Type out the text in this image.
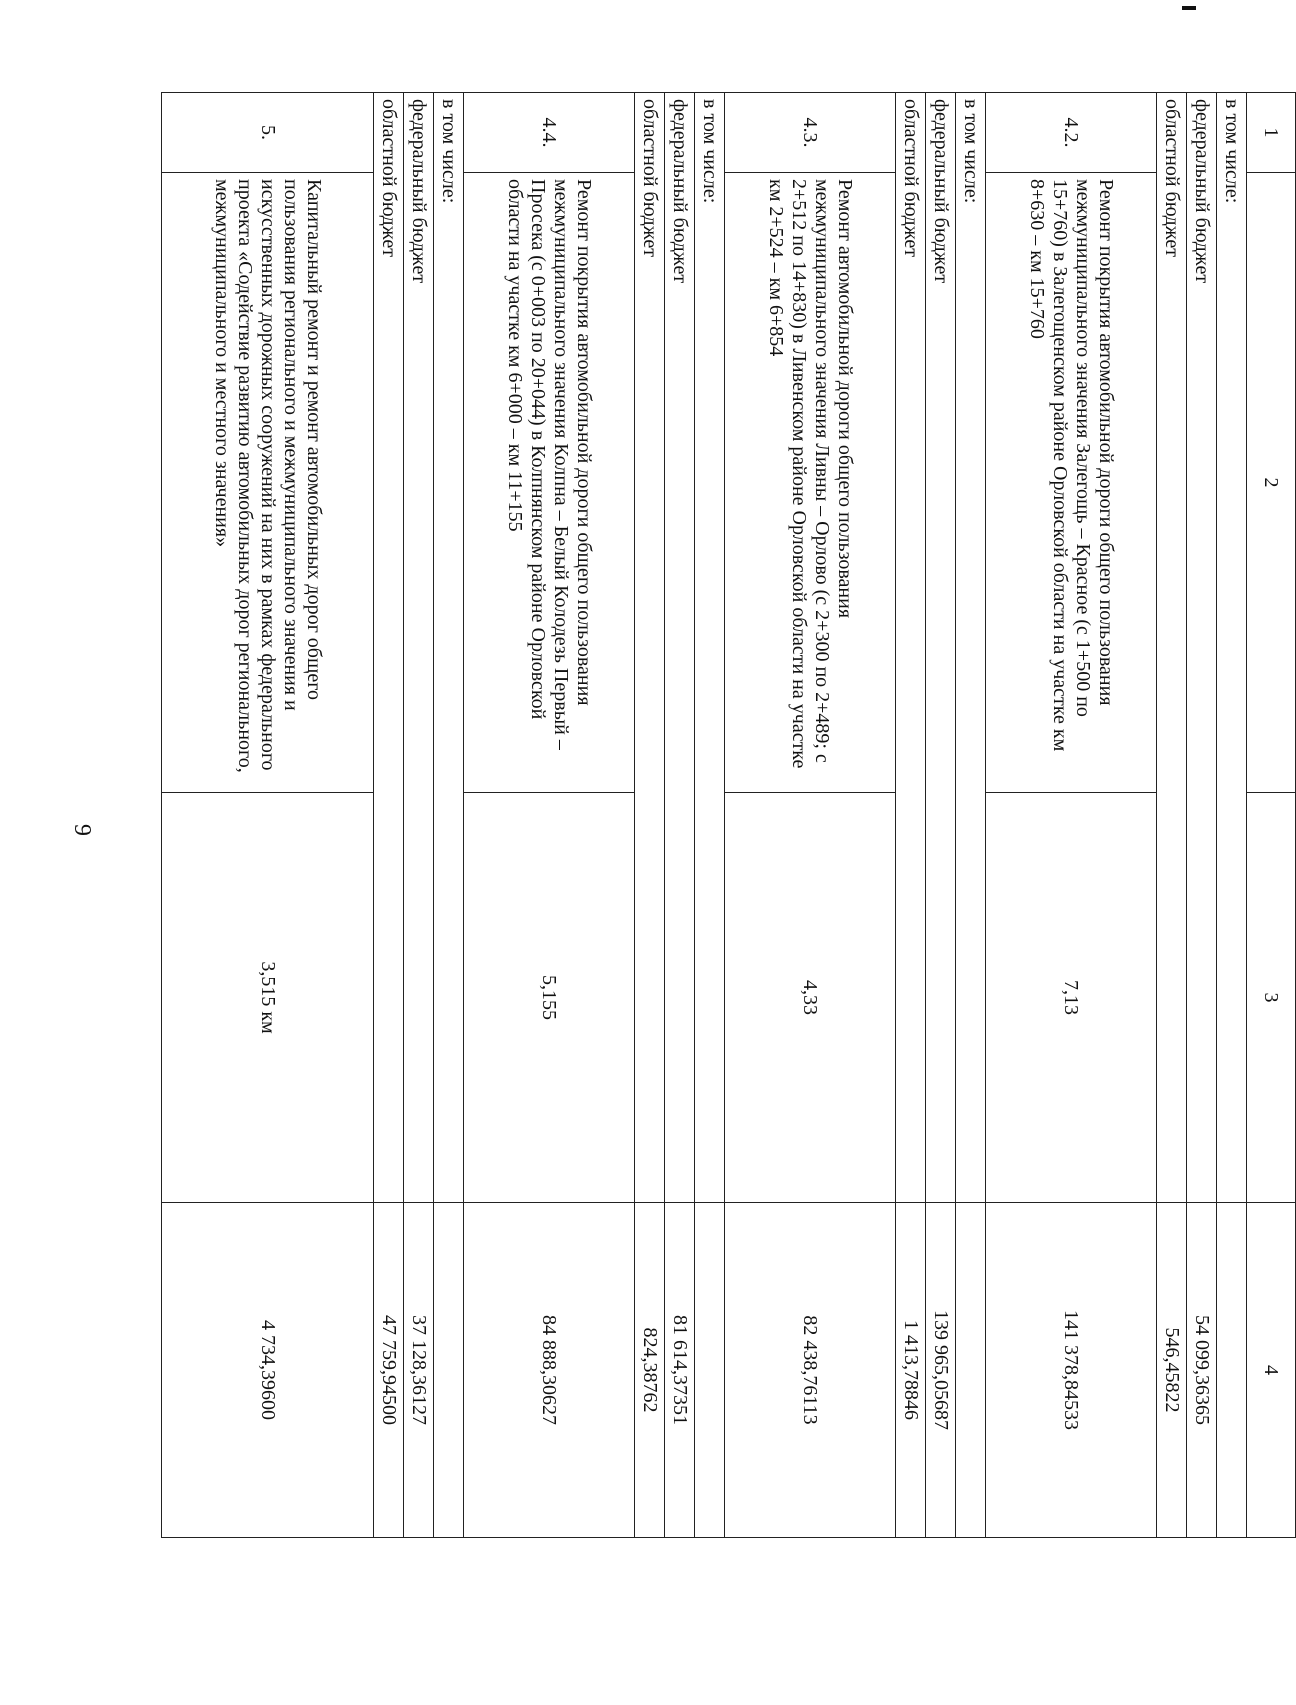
9
1	2	3	4
в том числе:			
федеральный бюджет			54 099,36365
областной бюджет			546,45822
4.2.	Ремонт покрытия автомобильной дороги общего пользования межмуниципального значения Залегощь – Красное (с 1+500 по 15+760) в Залегощенском районе Орловской области на участке км 8+630 – км 15+760	7,13	141 378,84533
в том числе:			
федеральный бюджет			139 965,05687
областной бюджет			1 413,78846
4.3.	Ремонт автомобильной дороги общего пользования межмуниципального значения Ливны – Орлово (с 2+300 по 2+489; с 2+512 по 14+830) в Ливенском районе Орловской области на участке км 2+524 – км 6+854	4,33	82 438,76113
в том числе:			
федеральный бюджет			81 614,37351
областной бюджет			824,38762
4.4.	Ремонт покрытия автомобильной дороги общего пользования межмуниципального значения Колпна – Белый Колодезь Первый – Просека (с 0+003 по 20+044) в Колпнянском районе Орловской области на участке км 6+000 – км 11+155	5,155	84 888,30627
в том числе:			
федеральный бюджет			37 128,36127
областной бюджет			47 759,94500
5.	Капитальный ремонт и ремонт автомобильных дорог общего пользования регионального и межмуниципального значения и искусственных дорожных сооружений на них в рамках федерального проекта «Содействие развитию автомобильных дорог регионального, межмуниципального и местного значения»	3,515 км	4 734,39600
